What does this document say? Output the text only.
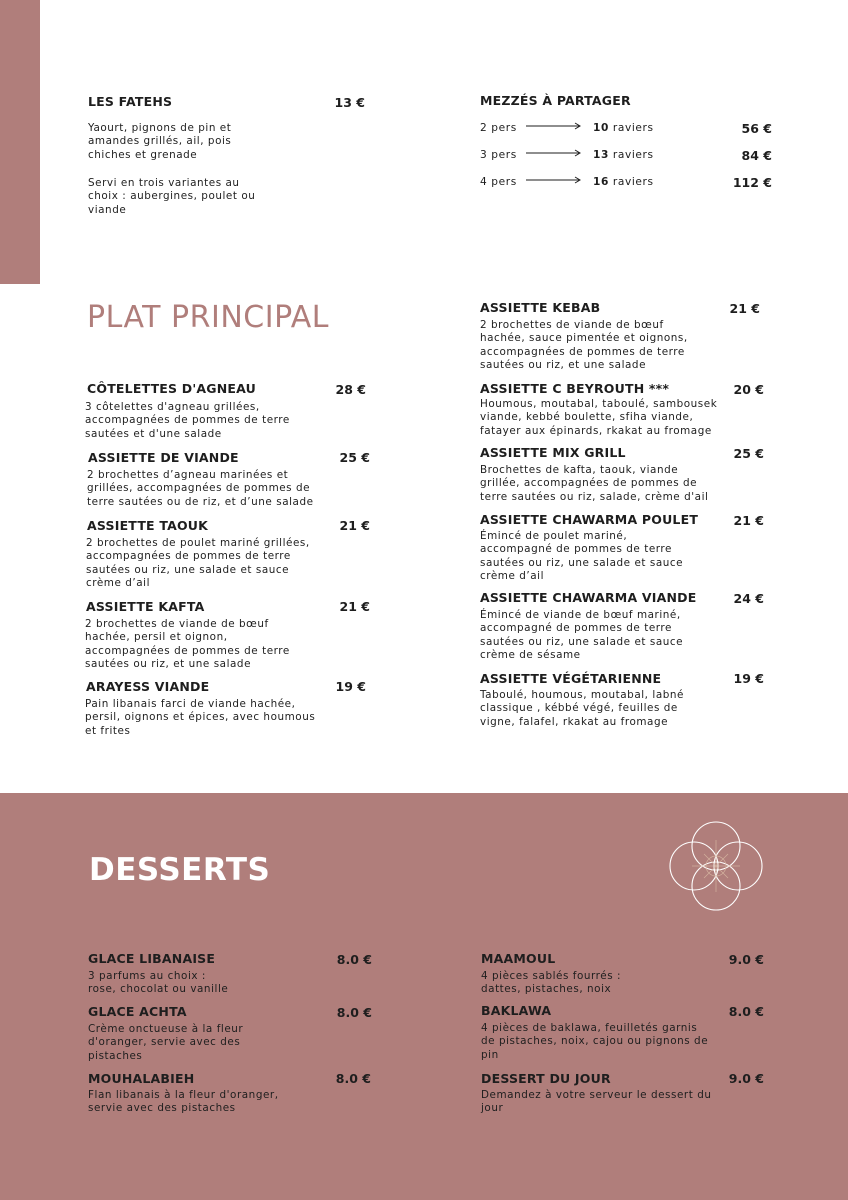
LES FATEHS	13 €
Yaourt, pignons de pin et
amandes grillés, ail, pois
chiches et grenade
Servi en trois variantes au
choix : aubergines, poulet ou
viande
MEZZÉS À PARTAGER
2 pers	10 raviers	56 €
3 pers	13 raviers	84 €
4 pers	16 raviers	112 €
PLAT PRINCIPAL
CÔTELETTES D'AGNEAU	28 €
3 côtelettes d'agneau grillées,
accompagnées de pommes de terre
sautées et d'une salade
ASSIETTE DE VIANDE	25 €
2 brochettes d’agneau marinées et
grillées, accompagnées de pommes de
terre sautées ou de riz, et d’une salade
ASSIETTE TAOUK	21 €
2 brochettes de poulet mariné grillées,
accompagnées de pommes de terre
sautées ou riz, une salade et sauce
crème d’ail
ASSIETTE KAFTA	21 €
2 brochettes de viande de bœuf
hachée, persil et oignon,
accompagnées de pommes de terre
sautées ou riz, et une salade
ARAYESS VIANDE	19 €
Pain libanais farci de viande hachée,
persil, oignons et épices, avec houmous
et frites
ASSIETTE KEBAB	21 €
2 brochettes de viande de bœuf
hachée, sauce pimentée et oignons,
accompagnées de pommes de terre
sautées ou riz, et une salade
ASSIETTE C BEYROUTH ***	20 €
Houmous, moutabal, taboulé, sambousek
viande, kebbé boulette, sfiha viande,
fatayer aux épinards, rkakat au fromage
ASSIETTE MIX GRILL	25 €
Brochettes de kafta, taouk, viande
grillée, accompagnées de pommes de
terre sautées ou riz, salade, crème d'ail
ASSIETTE CHAWARMA POULET	21 €
Émincé de poulet mariné,
accompagné de pommes de terre
sautées ou riz, une salade et sauce
crème d’ail
ASSIETTE CHAWARMA VIANDE	24 €
Émincé de viande de bœuf mariné,
accompagné de pommes de terre
sautées ou riz, une salade et sauce
crème de sésame
ASSIETTE VÉGÉTARIENNE	19 €
Taboulé, houmous, moutabal, labné
classique , kébbé végé, feuilles de
vigne, falafel, rkakat au fromage
DESSERTS
GLACE LIBANAISE	8.0 €
3 parfums au choix :
rose, chocolat ou vanille
GLACE ACHTA	8.0 €
Crème onctueuse à la fleur
d'oranger, servie avec des
pistaches
MOUHALABIEH	8.0 €
Flan libanais à la fleur d'oranger,
servie avec des pistaches
MAAMOUL	9.0 €
4 pièces sablés fourrés :
dattes, pistaches, noix
BAKLAWA	8.0 €
4 pièces de baklawa, feuilletés garnis
de pistaches, noix, cajou ou pignons de
pin
DESSERT DU JOUR	9.0 €
Demandez à votre serveur le dessert du
jour
